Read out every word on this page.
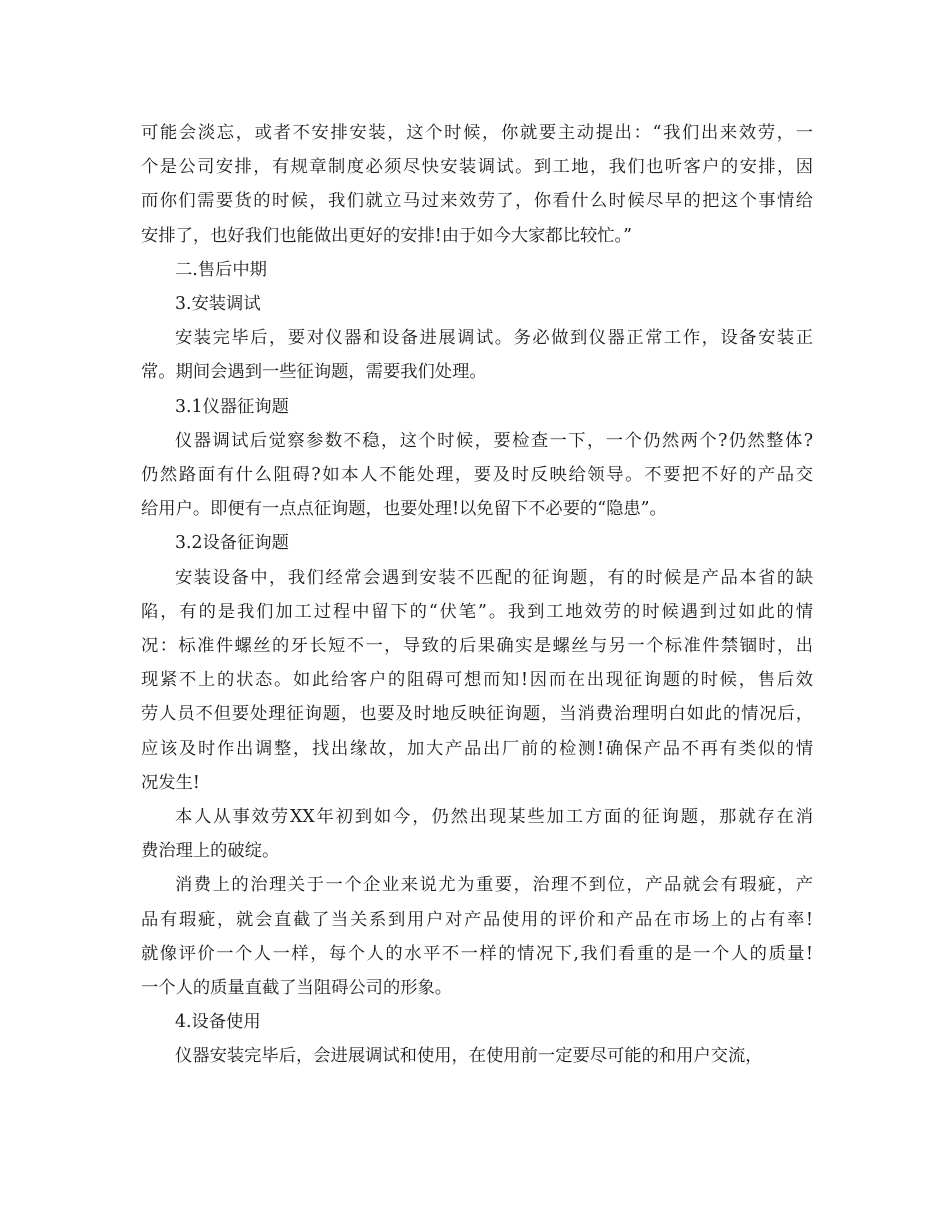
可能会淡忘，或者不安排安装，这个时候，你就要主动提出：“我们出来效劳，一
个是公司安排，有规章制度必须尽快安装调试。到工地，我们也听客户的安排，因
而你们需要货的时候，我们就立马过来效劳了，你看什么时候尽早的把这个事情给
安排了，也好我们也能做出更好的安排!由于如今大家都比较忙。”

二.售后中期

3.安装调试

安装完毕后，要对仪器和设备进展调试。务必做到仪器正常工作，设备安装正
常。期间会遇到一些征询题，需要我们处理。

3.1仪器征询题

仪器调试后觉察参数不稳，这个时候，要检查一下，一个仍然两个?仍然整体?
仍然路面有什么阻碍?如本人不能处理，要及时反映给领导。不要把不好的产品交
给用户。即便有一点点征询题，也要处理!以免留下不必要的“隐患”。

3.2设备征询题

安装设备中，我们经常会遇到安装不匹配的征询题，有的时候是产品本省的缺
陷，有的是我们加工过程中留下的“伏笔”。我到工地效劳的时候遇到过如此的情
况：标准件螺丝的牙长短不一，导致的后果确实是螺丝与另一个标准件禁锢时，出
现紧不上的状态。如此给客户的阻碍可想而知!因而在出现征询题的时候，售后效
劳人员不但要处理征询题，也要及时地反映征询题，当消费治理明白如此的情况后，
应该及时作出调整，找出缘故，加大产品出厂前的检测!确保产品不再有类似的情
况发生!

本人从事效劳XX年初到如今，仍然出现某些加工方面的征询题，那就存在消
费治理上的破绽。

消费上的治理关于一个企业来说尤为重要，治理不到位，产品就会有瑕疵，产
品有瑕疵，就会直截了当关系到用户对产品使用的评价和产品在市场上的占有率!
就像评价一个人一样，每个人的水平不一样的情况下,我们看重的是一个人的质量!
一个人的质量直截了当阻碍公司的形象。

4.设备使用

仪器安装完毕后，会进展调试和使用，在使用前一定要尽可能的和用户交流，
